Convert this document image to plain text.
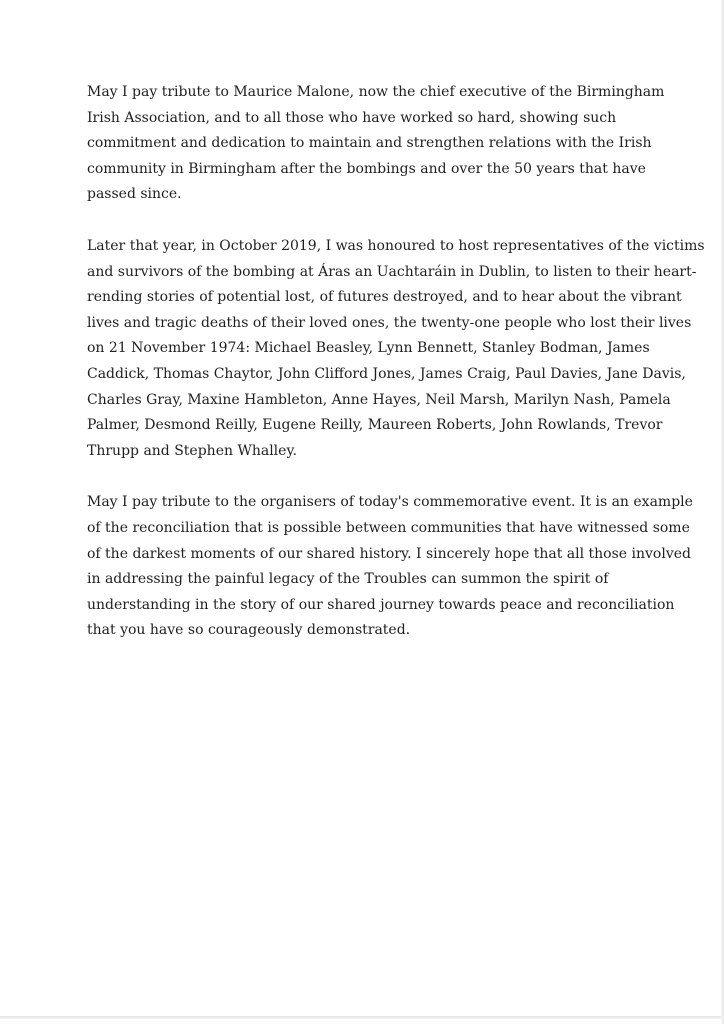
May I pay tribute to Maurice Malone, now the chief executive of the Birmingham
Irish Association, and to all those who have worked so hard, showing such
commitment and dedication to maintain and strengthen relations with the Irish
community in Birmingham after the bombings and over the 50 years that have
passed since.

Later that year, in October 2019, I was honoured to host representatives of the victims
and survivors of the bombing at Áras an Uachtaráin in Dublin, to listen to their heart-
rending stories of potential lost, of futures destroyed, and to hear about the vibrant
lives and tragic deaths of their loved ones, the twenty-one people who lost their lives
on 21 November 1974: Michael Beasley, Lynn Bennett, Stanley Bodman, James
Caddick, Thomas Chaytor, John Clifford Jones, James Craig, Paul Davies, Jane Davis,
Charles Gray, Maxine Hambleton, Anne Hayes, Neil Marsh, Marilyn Nash, Pamela
Palmer, Desmond Reilly, Eugene Reilly, Maureen Roberts, John Rowlands, Trevor
Thrupp and Stephen Whalley.

May I pay tribute to the organisers of today's commemorative event. It is an example
of the reconciliation that is possible between communities that have witnessed some
of the darkest moments of our shared history. I sincerely hope that all those involved
in addressing the painful legacy of the Troubles can summon the spirit of
understanding in the story of our shared journey towards peace and reconciliation
that you have so courageously demonstrated.
